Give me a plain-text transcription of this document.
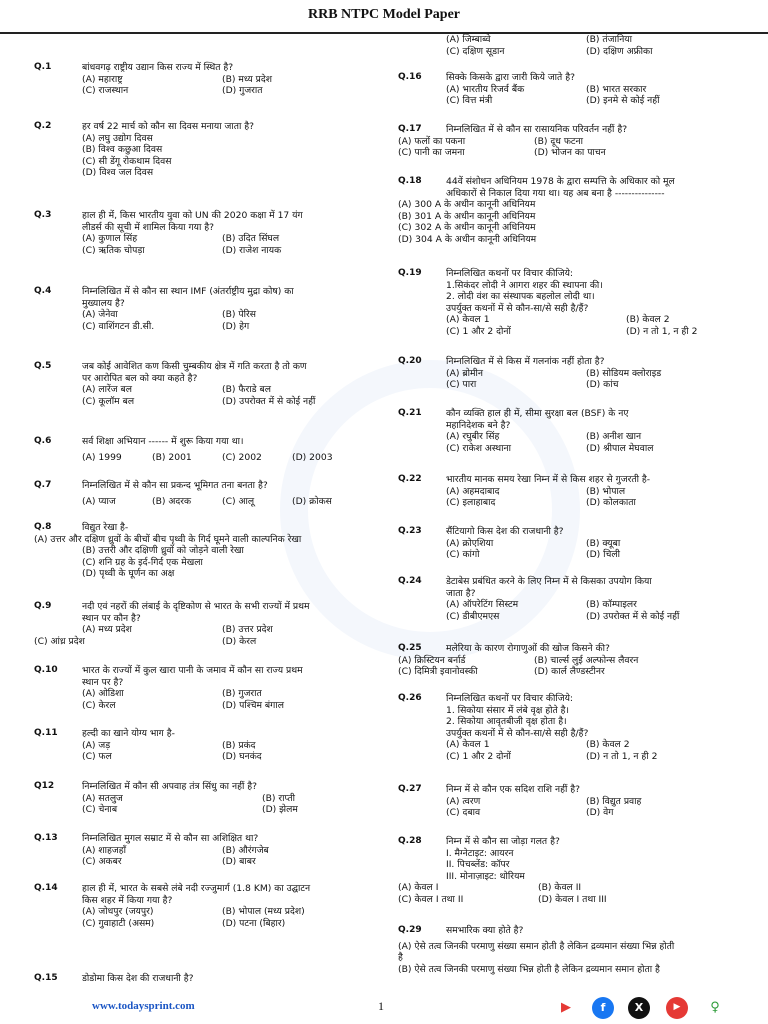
RRB NTPC Model Paper
Q.1	बांधवगढ़ राष्ट्रीय उद्यान किस राज्य में स्थित है?
(A) महाराष्ट्र	(B) मध्य प्रदेश
(C) राजस्थान	(D) गुजरात
Q.2	हर वर्ष 22 मार्च को कौन सा दिवस मनाया जाता है?
(A) लघु उद्योग दिवस
(B) विश्व कछुआ दिवस
(C) सी डेंगू रोकथाम दिवस
(D) विश्व जल दिवस
Q.3	हाल ही में, किस भारतीय युवा को UN की 2020 कक्षा में 17 यंग
लीडर्स की सूची में शामिल किया गया है?
(A) कुणाल सिंह	(B) उदित सिंघल
(C) ऋतिक चोपड़ा	(D) राजेश नायक
Q.4	निम्नलिखित में से कौन सा स्थान IMF (अंतर्राष्ट्रीय मुद्रा कोष) का
मुख्यालय है?
(A) जेनेवा	(B) पेरिस
(C) वाशिंगटन डी.सी.	(D) हेग
Q.5	जब कोई आवेशित कण किसी चुम्बकीय क्षेत्र में गति करता है तो कण
पर आरोपित बल को क्या कहते है?
(A) लारेंज बल	(B) फैराडे बल
(C) कूलॉम बल	(D) उपरोक्त में से कोई नहीं
Q.6	सर्व शिक्षा अभियान ------ में शुरू किया गया था।
(A) 1999	(B) 2001	(C) 2002	(D) 2003
Q.7	निम्नलिखित में से कौन सा प्रकन्द भूमिगत तना बनता है?
(A) प्याज	(B) अदरक	(C) आलू	(D) क्रोकस
Q.8	विद्युत रेखा है-
(A) उत्तर और दक्षिण ध्रुवों के बीचों बीच पृथ्वी के गिर्द घूमने वाली काल्पनिक रेखा
(B) उत्तरी और दक्षिणी ध्रुवों को जोड़ने वाली रेखा
(C) शनि ग्रह के इर्द-गिर्द एक मेखला
(D) पृथ्वी के घूर्णन का अक्ष
Q.9	नदी एवं नहरों की लंबाई के दृष्टिकोण से भारत के सभी राज्यों में प्रथम
स्थान पर कौन है?
(A) मध्य प्रदेश	(B) उत्तर प्रदेश
(C) आंध्र प्रदेश	(D) केरल
Q.10	भारत के राज्यों में कुल खारा पानी के जमाव में कौन सा राज्य प्रथम
स्थान पर है?
(A) ओडिशा	(B) गुजरात
(C) केरल	(D) पश्चिम बंगाल
Q.11	हल्दी का खाने योग्य भाग है-
(A) जड़	(B) प्रकंद
(C) फल	(D) घनकंद
Q12	निम्नलिखित में कौन सी अपवाह तंत्र सिंधु का नहीं है?
(A) सतलुज	(B) राप्ती
(C) चेनाब	(D) झेलम
Q.13	निम्नलिखित मुगल सम्राट में से कौन सा अशिक्षित था?
(A) शाहजहाँ	(B) औरंगजेब
(C) अकबर	(D) बाबर
Q.14	हाल ही में, भारत के सबसे लंबे नदी रज्जुमार्ग (1.8 KM) का उद्घाटन
किस शहर में किया गया है?
(A) जोधपुर (जयपुर)	(B) भोपाल (मध्य प्रदेश)
(C) गुवाहाटी (असम)	(D) पटना (बिहार)
Q.15	डोडोमा किस देश की राजधानी है?
(A) जिम्बाब्वे	(B) तंजानिया
(C) दक्षिण सूडान	(D) दक्षिण अफ्रीका
Q.16	सिक्के किसके द्वारा जारी किये जाते है?
(A) भारतीय रिजर्व बैंक	(B) भारत सरकार
(C) वित्त मंत्री	(D) इनमे से कोई नहीं
Q.17	निम्नलिखित में से कौन सा रासायनिक परिवर्तन नहीं है?
(A) फलों का पकना	(B) दूध फटना
(C) पानी का जमना	(D) भोजन का पाचन
Q.18	44वें संशोधन अधिनियम 1978 के द्वारा सम्पत्ति के अधिकार को मूल
अधिकारों से निकाल दिया गया था। यह अब बना है ---------------
(A) 300 A के अधीन कानूनी अधिनियम
(B) 301 A के अधीन कानूनी अधिनियम
(C) 302 A के अधीन कानूनी अधिनियम
(D) 304 A के अधीन कानूनी अधिनियम
Q.19	निम्नलिखित कथनों पर विचार कीजिये:
1.सिकंदर लोदी ने आगरा शहर की स्थापना की।
2. लोदी वंश का संस्थापक बहलोल लोदी था।
उपर्युक्त कथनों में से कौन-सा/से सही है/हैं?
(A) केवल 1	(B) केवल 2
(C) 1 और 2 दोनों	(D) न तो 1, न ही 2
Q.20	निम्नलिखित में से किस में गलनांक नहीं होता है?
(A) ब्रोमीन	(B) सोडियम क्लोराइड
(C) पारा	(D) कांच
Q.21	कौन व्यक्ति हाल ही में, सीमा सुरक्षा बल (BSF) के नए
महानिदेशक बने है?
(A) रघुबीर सिंह	(B) अनीश खान
(C) राकेश अस्थाना	(D) श्रीपाल मेघवाल
Q.22	भारतीय मानक समय रेखा निम्न में से किस शहर से गुजरती है-
(A) अहमदाबाद	(B) भोपाल
(C) इलाहाबाद	(D) कोलकाता
Q.23	सैंटियागो किस देश की राजधानी है?
(A) क्रोएशिया	(B) क्यूबा
(C) कांगो	(D) चिली
Q.24	डेटाबेस प्रबंधित करने के लिए निम्न में से किसका उपयोग किया
जाता है?
(A) ऑपरेटिंग सिस्टम	(B) कॉम्पाइलर
(C) डीबीएमएस	(D) उपरोक्त में से कोई नहीं
Q.25	मलेरिया के कारण रोगाणुओं की खोज किसने की?
(A) क्रिस्टियन बर्नार्ड	(B) चार्ल्स लुई अल्फोन्स लैवरन
(C) दिमित्री इवानोवस्की	(D) कार्ल लैण्डस्टीनर
Q.26	निम्नलिखित कथनों पर विचार कीजिये:
1. सिकोया संसार में लंबे वृक्ष होते है।
2. सिकोया आवृतबीजी वृक्ष होता है।
उपर्युक्त कथनों में से कौन-सा/से सही है/हैं?
(A) केवल 1	(B) केवल 2
(C) 1 और 2 दोनों	(D) न तो 1, न ही 2
Q.27	निम्न में से कौन एक सदिश राशि नहीं है?
(A) त्वरण	(B) विद्युत प्रवाह
(C) दबाव	(D) वेग
Q.28	निम्न में से कौन सा जोड़ा गलत है?
I. मैग्नेटाइट: आयरन
II. पिचब्लेंड: कॉपर
III. मोनाज़ाइट: थोरियम
(A) केवल I	(B) केवल II
(C) केवल I तथा II	(D) केवल I तथा III
Q.29	समभारिक क्या होते है?
(A) ऐसे तत्व जिनकी परमाणु संख्या समान होती है लेकिन द्रव्यमान संख्या भिन्न होती
है
(B) ऐसे तत्व जिनकी परमाणु संख्या भिन्न होती है लेकिन द्रव्यमान समान होता है
www.todaysprint.com	1	▶	f	X	▶	♀
